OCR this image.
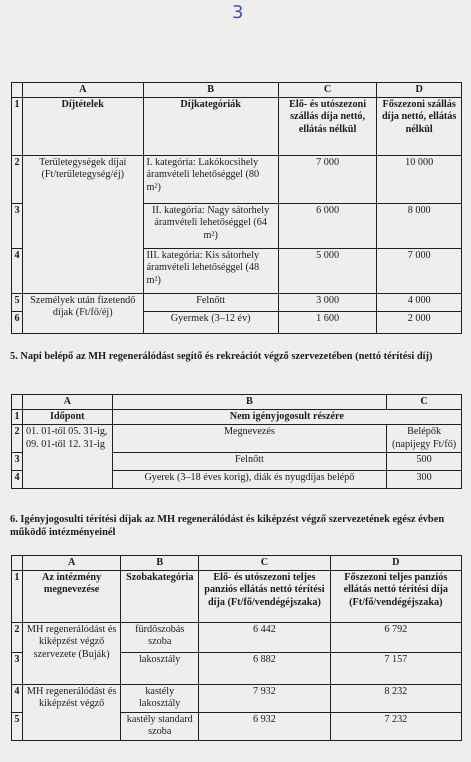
3
	A	B	C	D
1	Díjtételek	Díjkategóriák	Elő- és utószezoni szállás díja nettó, ellátás nélkül	Főszezoni szállás díja nettó, ellátás nélkül
2	Területegységek díjai (Ft/területegység/éj)	I. kategória: Lakókocsihely áramvételi lehetőséggel (80 m²)	7 000	10 000
3		II. kategória: Nagy sátorhely áramvételi lehetőséggel (64 m²)	6 000	8 000
4		III. kategória: Kis sátorhely áramvételi lehetőséggel (48 m²)	5 000	7 000
5	Személyek után fizetendő díjak (Ft/fő/éj)	Felnőtt	3 000	4 000
6		Gyermek (3–12 év)	1 600	2 000
5. Napi belépő az MH regenerálódást segítő és rekreációt végző szervezetében (nettó térítési díj)
	A	B	C
1	Időpont	Nem igényjogosult részére	
2	01. 01-től 05. 31-ig, 09. 01-től 12. 31-ig	Megnevezés	Belépők (napijegy Ft/fő)
3		Felnőtt	500
4		Gyerek (3–18 éves korig), diák és nyugdíjas belépő	300
6. Igényjogosulti térítési díjak az MH regenerálódást és kiképzést végző szervezetének egész évben működő intézményeinél
	A	B	C	D
1	Az intézmény megnevezése	Szobakategória	Elő- és utószezoni teljes panziós ellátás nettó térítési díja (Ft/fő/vendégéjszaka)	Főszezoni teljes panziós ellátás nettó térítési díja (Ft/fő/vendégéjszaka)
2	MH regenerálódást és kiképzést végző szervezete (Buják)	fürdőszobás szoba	6 442	6 792
3		lakosztály	6 882	7 157
4	MH regenerálódást és kiképzést végző	kastély lakosztály	7 932	8 232
5		kastély standard szoba	6 932	7 232
